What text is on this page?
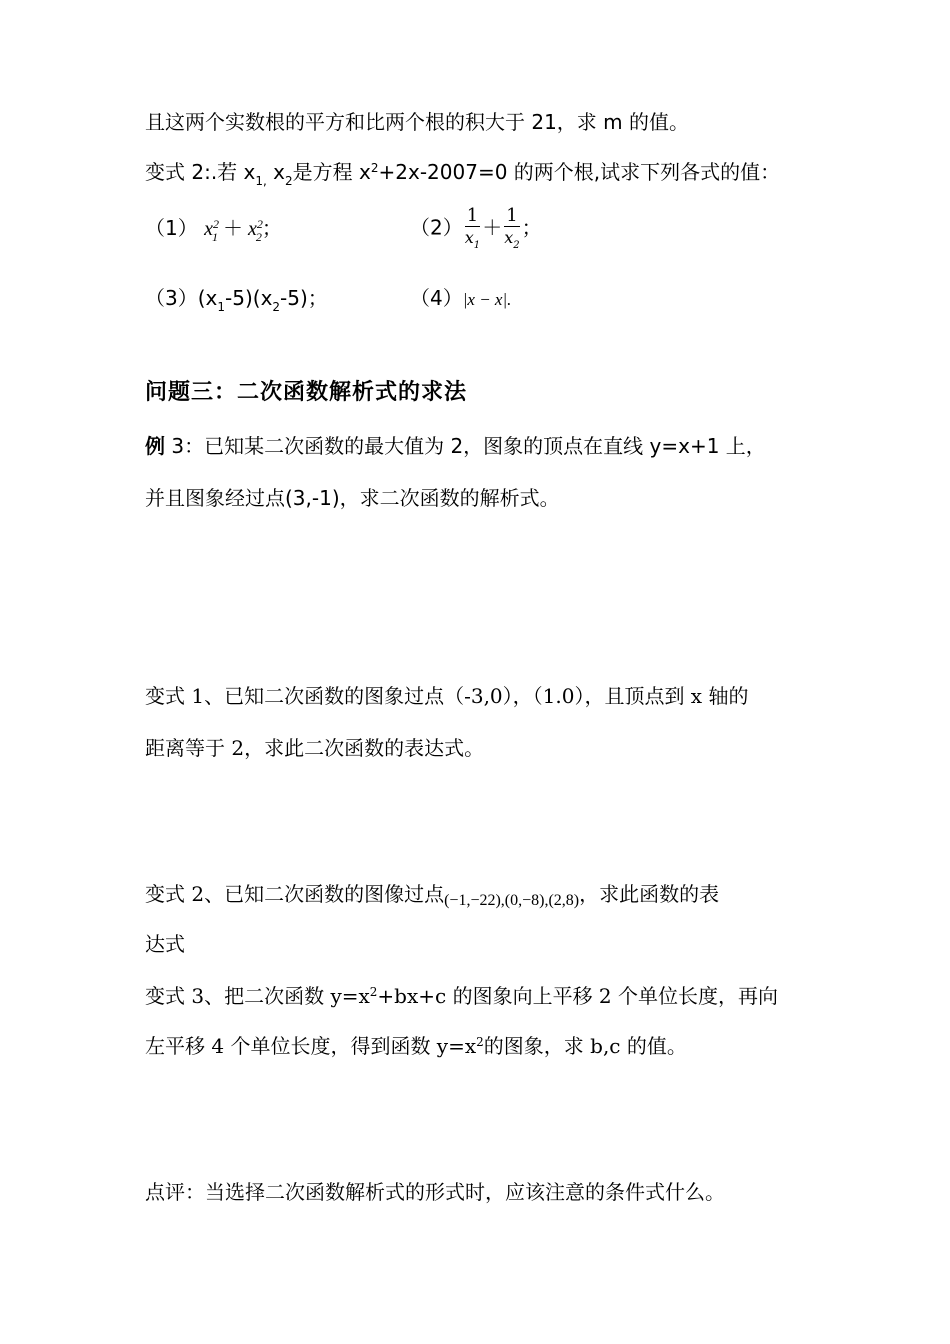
且这两个实数根的平方和比两个根的积大于 21，求 m 的值。
变式 2:.若 $x_{1,}$ $x_2$是方程 $x^2+2x-2007=0$ 的两个根,试求下列各式的值：
（1） $x^2_1 + x^2_2$；	$(2) \frac{1}{x_1} + \frac{1}{x_2}$ ；
$(3)(x_1-5)(x_2-5)$；	（4）|x − x|.
问题三：二次函数解析式的求法
例 3：已知某二次函数的最大值为 2，图象的顶点在直线 y=x+1 上，
并且图象经过点(3,-1)，求二次函数的解析式。
变式 1、已知二次函数的图象过点（-3,0），（1.0），且顶点到 x 轴的
距离等于 2，求此二次函数的表达式。
变式 2、已知二次函数的图像过点$_{(-1,-22),(0,-8),(2,8)}$，求此函数的表
达式
变式 3、把二次函数 $y=x^2+bx+c$ 的图象向上平移 2 个单位长度，再向
左平移 4 个单位长度，得到函数 $y=x^2$的图象，求 b,c 的值。
点评：当选择二次函数解析式的形式时，应该注意的条件式什么。
